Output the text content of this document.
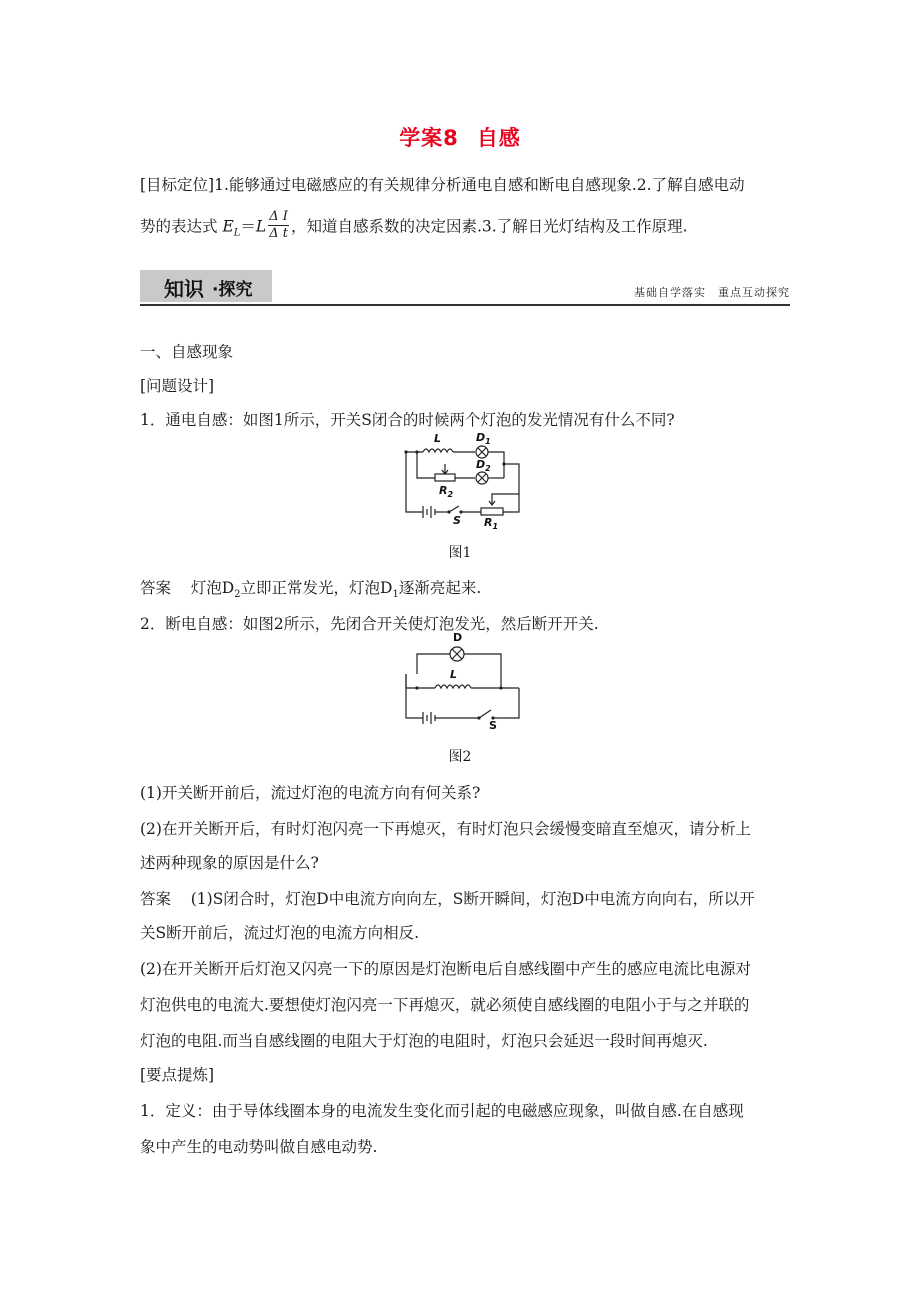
学案8 自感
[目标定位]1.能够通过电磁感应的有关规律分析通电自感和断电自感现象.2.了解自感电动
势的表达式 $E_L=L \frac{\text{Δ I}}{\text{Δ t}}$ ，知道自感系数的决定因素.3.了解日光灯结构及工作原理.
知识 ·探究	基础自学落实　重点互动探究
一、自感现象
[问题设计]
1．通电自感：如图1所示，开关S闭合的时候两个灯泡的发光情况有什么不同?
L	$D_1$
$D_2$
$R_2$
$R_1$
S
图1
答案 灯泡$D_2$立即正常发光，灯泡$D_1$逐渐亮起来.
2．断电自感：如图2所示，先闭合开关使灯泡发光，然后断开开关.
D
L
S
图2
(1)开关断开前后，流过灯泡的电流方向有何关系?
(2)在开关断开后，有时灯泡闪亮一下再熄灭，有时灯泡只会缓慢变暗直至熄灭，请分析上
述两种现象的原因是什么?
答案 (1)S闭合时，灯泡D中电流方向向左，S断开瞬间，灯泡D中电流方向向右，所以开
关S断开前后，流过灯泡的电流方向相反.
(2)在开关断开后灯泡又闪亮一下的原因是灯泡断电后自感线圈中产生的感应电流比电源对
灯泡供电的电流大.要想使灯泡闪亮一下再熄灭，就必须使自感线圈的电阻小于与之并联的
灯泡的电阻.而当自感线圈的电阻大于灯泡的电阻时，灯泡只会延迟一段时间再熄灭.
[要点提炼]
1．定义：由于导体线圈本身的电流发生变化而引起的电磁感应现象，叫做自感.在自感现
象中产生的电动势叫做自感电动势.
